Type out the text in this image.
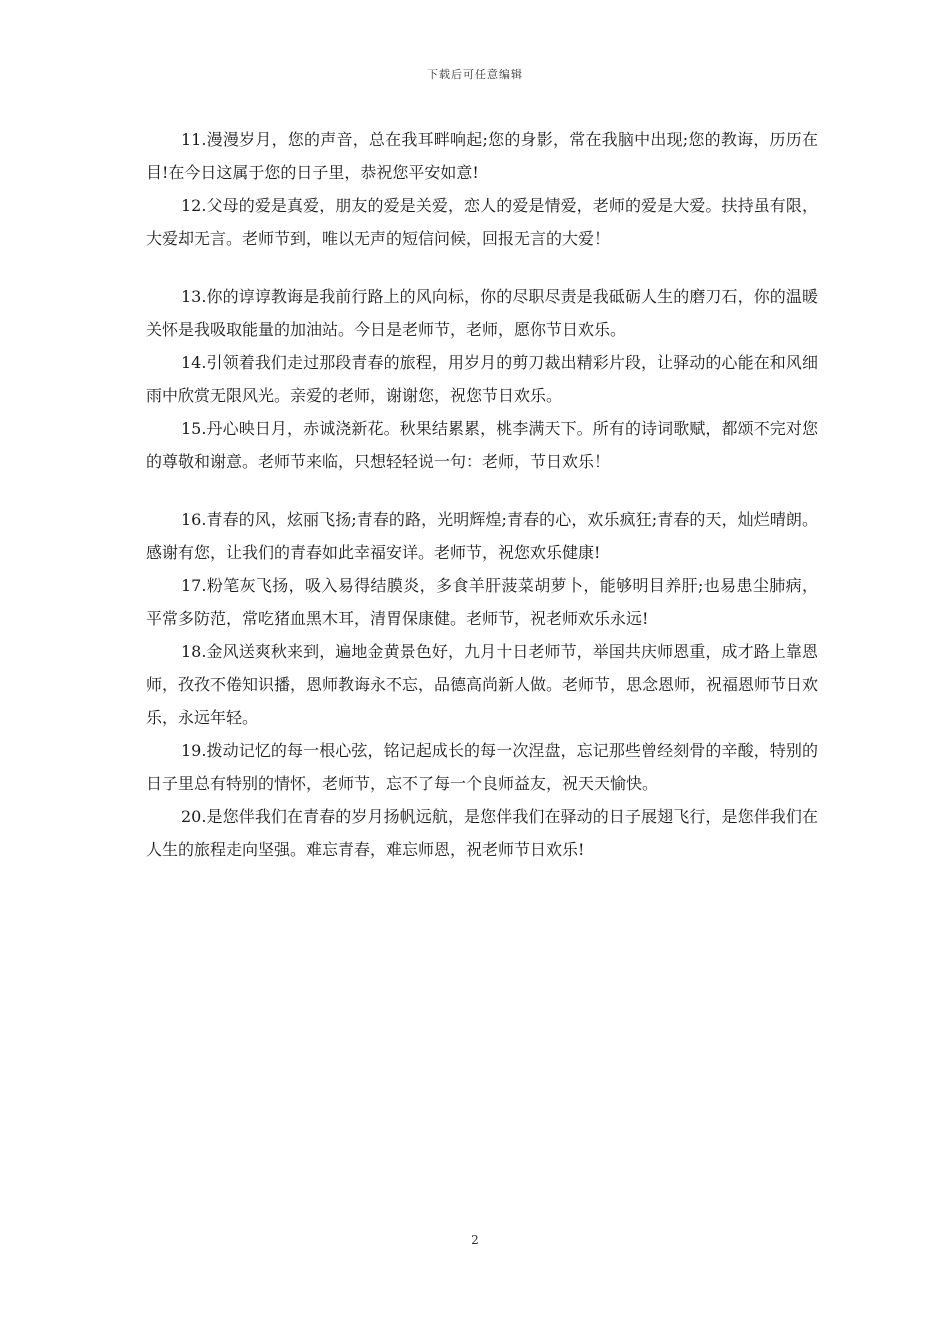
下载后可任意编辑

11.漫漫岁月，您的声音，总在我耳畔响起;您的身影，常在我脑中出现;您的教诲，历历在目!在今日这属于您的日子里，恭祝您平安如意!

12.父母的爱是真爱，朋友的爱是关爱，恋人的爱是情爱，老师的爱是大爱。扶持虽有限，大爱却无言。老师节到，唯以无声的短信问候，回报无言的大爱！

13.你的谆谆教诲是我前行路上的风向标，你的尽职尽责是我砥砺人生的磨刀石，你的温暖关怀是我吸取能量的加油站。今日是老师节，老师，愿你节日欢乐。

14.引领着我们走过那段青春的旅程，用岁月的剪刀裁出精彩片段，让驿动的心能在和风细雨中欣赏无限风光。亲爱的老师，谢谢您，祝您节日欢乐。

15.丹心映日月，赤诚浇新花。秋果结累累，桃李满天下。所有的诗词歌赋，都颂不完对您的尊敬和谢意。老师节来临，只想轻轻说一句：老师，节日欢乐！

16.青春的风，炫丽飞扬;青春的路，光明辉煌;青春的心，欢乐疯狂;青春的天，灿烂晴朗。感谢有您，让我们的青春如此幸福安详。老师节，祝您欢乐健康!

17.粉笔灰飞扬，吸入易得结膜炎，多食羊肝菠菜胡萝卜，能够明目养肝;也易患尘肺病，平常多防范，常吃猪血黑木耳，清胃保康健。老师节，祝老师欢乐永远!

18.金风送爽秋来到，遍地金黄景色好，九月十日老师节，举国共庆师恩重，成才路上靠恩师，孜孜不倦知识播，恩师教诲永不忘，品德高尚新人做。老师节，思念恩师，祝福恩师节日欢乐，永远年轻。

19.拨动记忆的每一根心弦，铭记起成长的每一次涅盘，忘记那些曾经刻骨的辛酸，特别的日子里总有特别的情怀，老师节，忘不了每一个良师益友，祝天天愉快。

20.是您伴我们在青春的岁月扬帆远航，是您伴我们在驿动的日子展翅飞行，是您伴我们在人生的旅程走向坚强。难忘青春，难忘师恩，祝老师节日欢乐!

2
